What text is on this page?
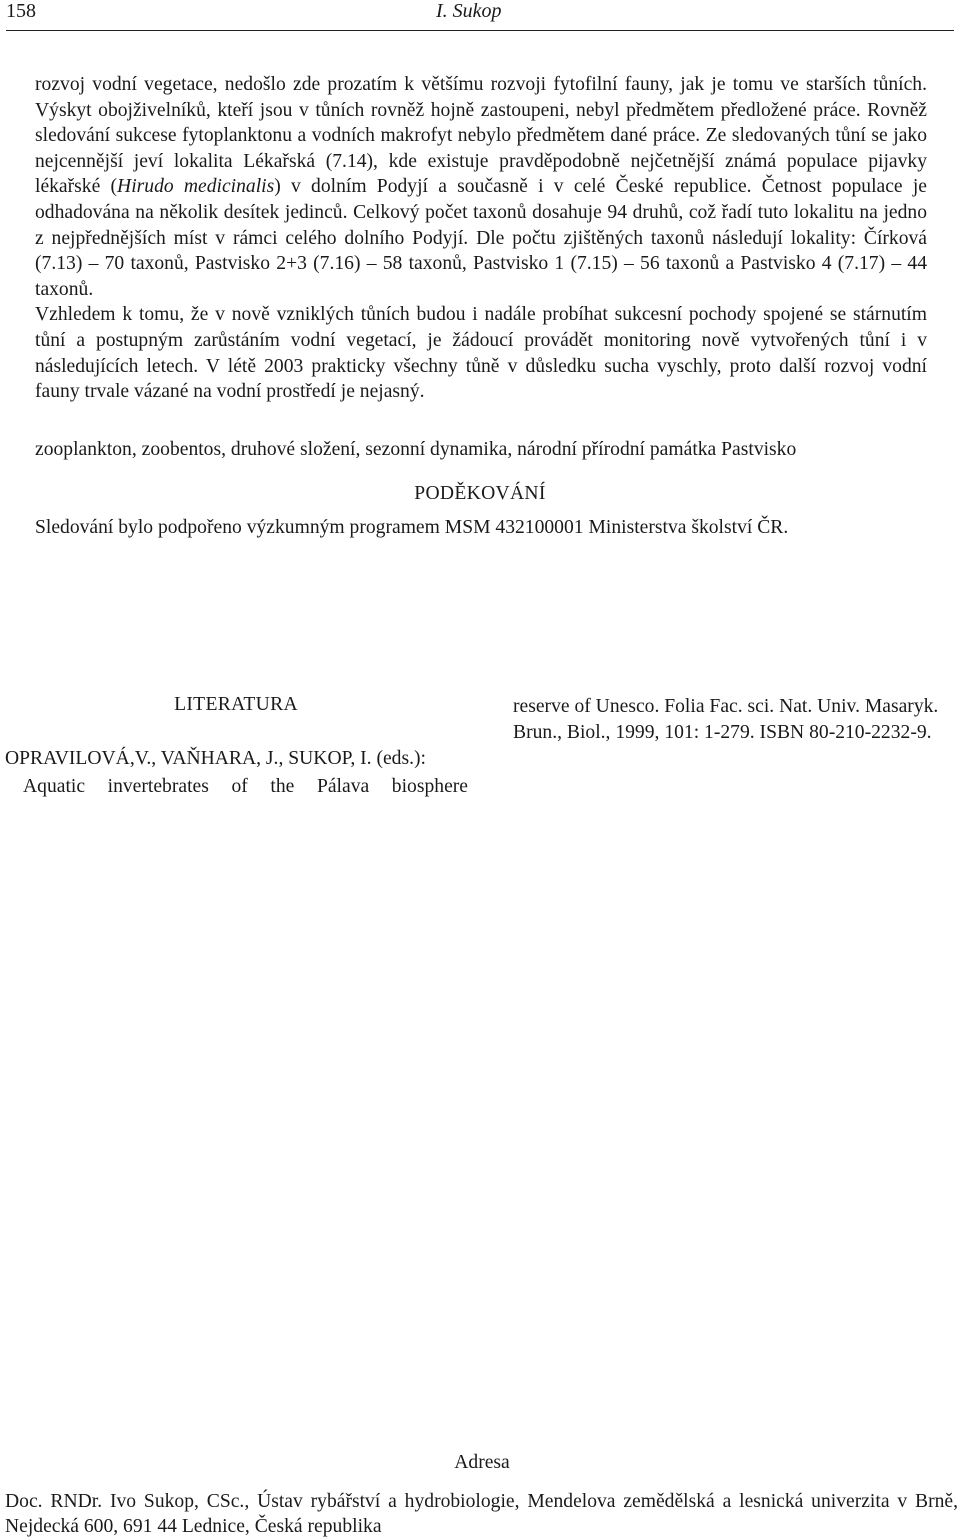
158	I. Sukop

rozvoj vodní vegetace, nedošlo zde prozatím k většímu rozvoji fytofilní fauny, jak je tomu ve starších tůních. Výskyt obojživelníků, kteří jsou v tůních rovněž hojně zastoupeni, nebyl předmětem předložené práce. Rovněž sledování sukcese fytoplanktonu a vodních makrofyt nebylo předmětem dané práce. Ze sledovaných tůní se jako nejcennější jeví lokalita Lékařská (7.14), kde existuje pravděpodobně nejčetnější známá populace pijavky lékařské (Hirudo medicinalis) v dolním Podyjí a současně i v celé České republice. Četnost populace je odhadována na několik desítek jedinců. Celkový počet taxonů dosahuje 94 druhů, což řadí tuto lokalitu na jedno z nejpřednějších míst v rámci celého dolního Podyjí. Dle počtu zjištěných taxonů následují lokality: Čírková (7.13) – 70 taxonů, Pastvisko 2+3 (7.16) – 58 taxonů, Pastvisko 1 (7.15) – 56 taxonů a Pastvisko 4 (7.17) – 44 taxonů.

Vzhledem k tomu, že v nově vzniklých tůních budou i nadále probíhat sukcesní pochody spojené se stárnutím tůní a postupným zarůstáním vodní vegetací, je žádoucí provádět monitoring nově vytvořených tůní i v následujících letech. V létě 2003 prakticky všechny tůně v důsledku sucha vyschly, proto další rozvoj vodní fauny trvale vázané na vodní prostředí je nejasný.

zooplankton, zoobentos, druhové složení, sezonní dynamika, národní přírodní památka Pastvisko
PODĚKOVÁNÍ
Sledování bylo podpořeno výzkumným programem MSM 432100001 Ministerstva školství ČR.
LITERATURA
OPRAVILOVÁ,V., VAŇHARA, J., SUKOP, I. (eds.):
Aquatic invertebrates of the Pálava biosphere
reserve of Unesco. Folia Fac. sci. Nat. Univ. Masaryk. Brun., Biol., 1999, 101: 1-279. ISBN 80-210-2232-9.
Adresa
Doc. RNDr. Ivo Sukop, CSc., Ústav rybářství a hydrobiologie, Mendelova zemědělská a lesnická univerzita v Brně, Nejdecká 600, 691 44 Lednice, Česká republika
